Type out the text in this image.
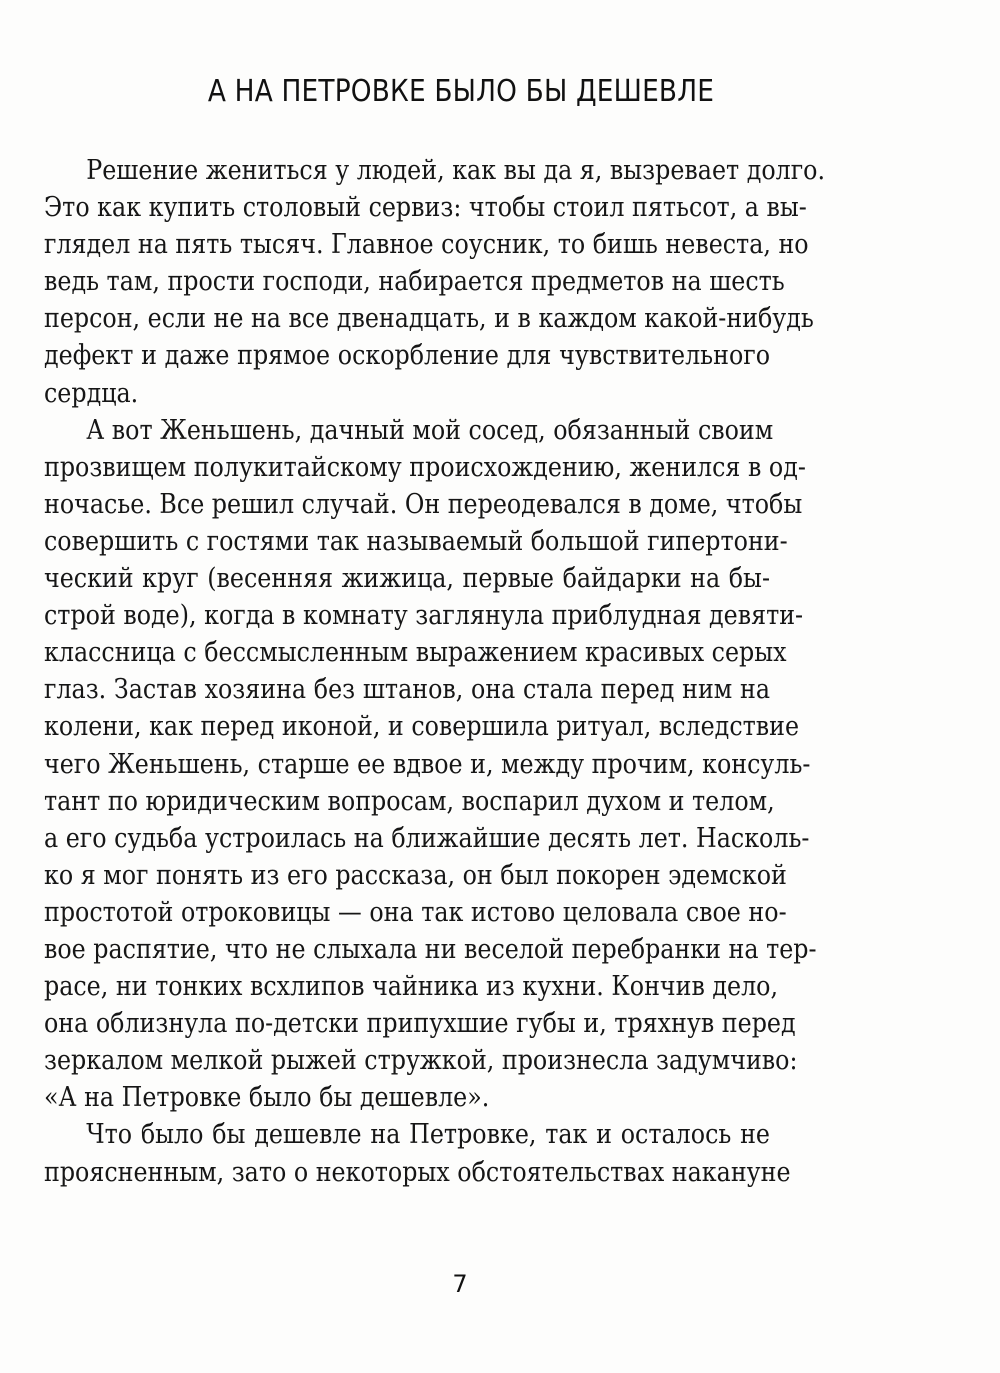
А НА ПЕТРОВКЕ БЫЛО БЫ ДЕШЕВЛЕ
Решение жениться у людей, как вы да я, вызревает долго.
Это как купить столовый сервиз: чтобы стоил пятьсот, а вы-
глядел на пять тысяч. Главное соусник, то бишь невеста, но
ведь там, прости господи, набирается предметов на шесть
персон, если не на все двенадцать, и в каждом какой-нибудь
дефект и даже прямое оскорбление для чувствительного
сердца.
А вот Женьшень, дачный мой сосед, обязанный своим
прозвищем полукитайскому происхождению, женился в од-
ночасье. Все решил случай. Он переодевался в доме, чтобы
совершить с гостями так называемый большой гипертони-
ческий круг (весенняя жижица, первые байдарки на бы-
строй воде), когда в комнату заглянула приблудная девяти-
классница с бессмысленным выражением красивых серых
глаз. Застав хозяина без штанов, она стала перед ним на
колени, как перед иконой, и совершила ритуал, вследствие
чего Женьшень, старше ее вдвое и, между прочим, консуль-
тант по юридическим вопросам, воспарил духом и телом,
а его судьба устроилась на ближайшие десять лет. Насколь-
ко я мог понять из его рассказа, он был покорен эдемской
простотой отроковицы — она так истово целовала свое но-
вое распятие, что не слыхала ни веселой перебранки на тер-
расе, ни тонких всхлипов чайника из кухни. Кончив дело,
она облизнула по-детски припухшие губы и, тряхнув перед
зеркалом мелкой рыжей стружкой, произнесла задумчиво:
«А на Петровке было бы дешевле».
Что было бы дешевле на Петровке, так и осталось не
проясненным, зато о некоторых обстоятельствах накануне
7
